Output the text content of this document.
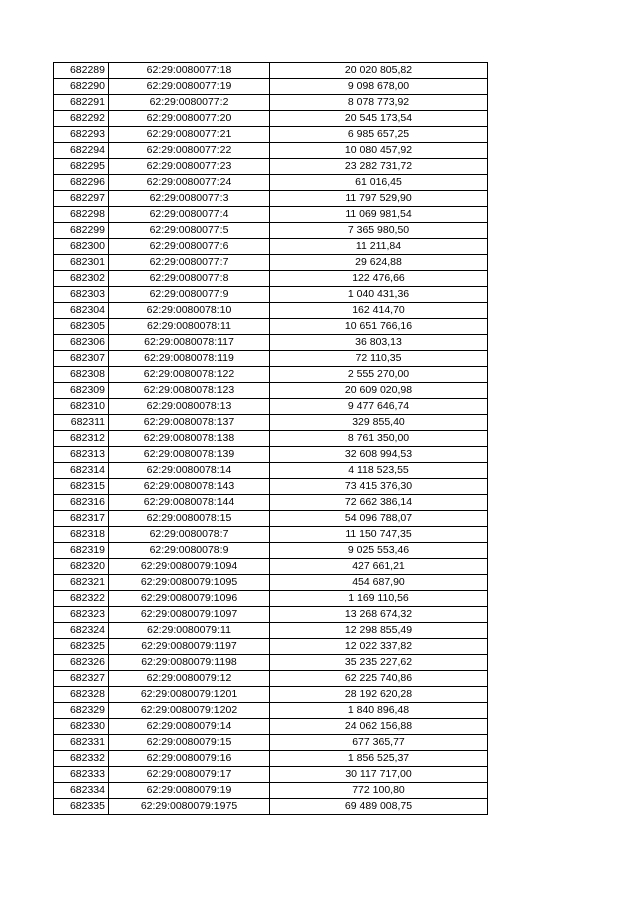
682289	62:29:0080077:18	20 020 805,82
682290	62:29:0080077:19	9 098 678,00
682291	62:29:0080077:2	8 078 773,92
682292	62:29:0080077:20	20 545 173,54
682293	62:29:0080077:21	6 985 657,25
682294	62:29:0080077:22	10 080 457,92
682295	62:29:0080077:23	23 282 731,72
682296	62:29:0080077:24	61 016,45
682297	62:29:0080077:3	11 797 529,90
682298	62:29:0080077:4	11 069 981,54
682299	62:29:0080077:5	7 365 980,50
682300	62:29:0080077:6	11 211,84
682301	62:29:0080077:7	29 624,88
682302	62:29:0080077:8	122 476,66
682303	62:29:0080077:9	1 040 431,36
682304	62:29:0080078:10	162 414,70
682305	62:29:0080078:11	10 651 766,16
682306	62:29:0080078:117	36 803,13
682307	62:29:0080078:119	72 110,35
682308	62:29:0080078:122	2 555 270,00
682309	62:29:0080078:123	20 609 020,98
682310	62:29:0080078:13	9 477 646,74
682311	62:29:0080078:137	329 855,40
682312	62:29:0080078:138	8 761 350,00
682313	62:29:0080078:139	32 608 994,53
682314	62:29:0080078:14	4 118 523,55
682315	62:29:0080078:143	73 415 376,30
682316	62:29:0080078:144	72 662 386,14
682317	62:29:0080078:15	54 096 788,07
682318	62:29:0080078:7	11 150 747,35
682319	62:29:0080078:9	9 025 553,46
682320	62:29:0080079:1094	427 661,21
682321	62:29:0080079:1095	454 687,90
682322	62:29:0080079:1096	1 169 110,56
682323	62:29:0080079:1097	13 268 674,32
682324	62:29:0080079:11	12 298 855,49
682325	62:29:0080079:1197	12 022 337,82
682326	62:29:0080079:1198	35 235 227,62
682327	62:29:0080079:12	62 225 740,86
682328	62:29:0080079:1201	28 192 620,28
682329	62:29:0080079:1202	1 840 896,48
682330	62:29:0080079:14	24 062 156,88
682331	62:29:0080079:15	677 365,77
682332	62:29:0080079:16	1 856 525,37
682333	62:29:0080079:17	30 117 717,00
682334	62:29:0080079:19	772 100,80
682335	62:29:0080079:1975	69 489 008,75
